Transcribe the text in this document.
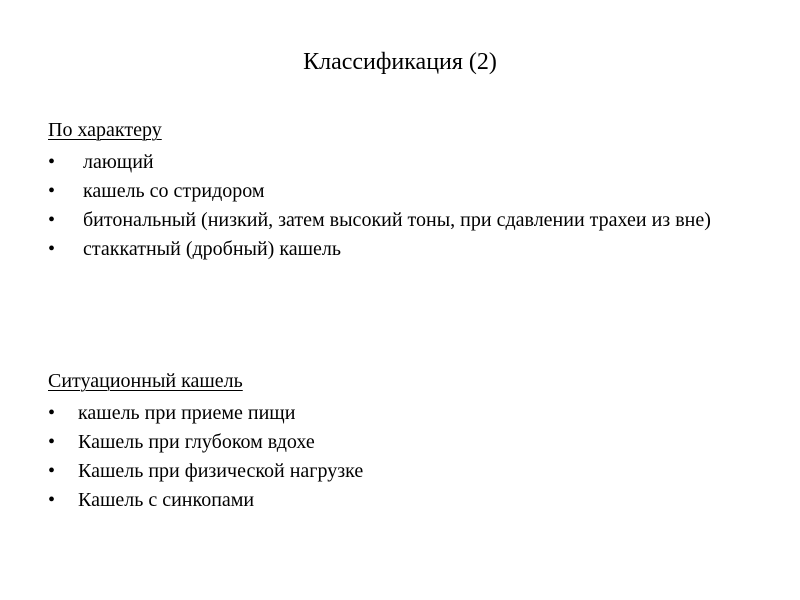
Классификация (2)
По характеру
•	лающий
•	кашель со стридором
•	битональный (низкий, затем высокий тоны, при сдавлении трахеи из вне)
•	стаккатный (дробный) кашель
Ситуационный кашель
•	кашель при приеме пищи
•	Кашель при глубоком вдохе
•	Кашель при физической нагрузке
•	Кашель с синкопами
